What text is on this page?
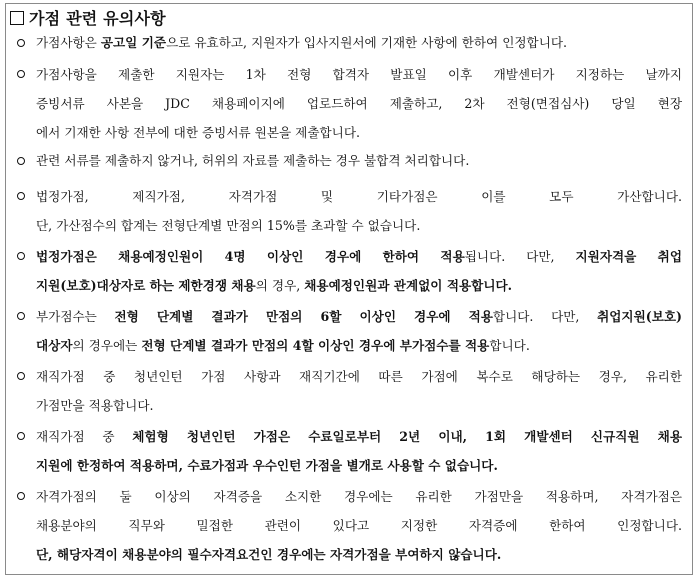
가점 관련 유의사항
가점사항은 공고일 기준으로 유효하고, 지원자가 입사지원서에 기재한 사항에 한하여 인정합니다.
가점사항을 제출한 지원자는 1차 전형 합격자 발표일 이후 개발센터가 지정하는 날까지
증빙서류 사본을 JDC 채용페이지에 업로드하여 제출하고, 2차 전형(면접심사) 당일 현장
에서 기재한 사항 전부에 대한 증빙서류 원본을 제출합니다.
관련 서류를 제출하지 않거나, 허위의 자료를 제출하는 경우 불합격 처리합니다.
법정가점, 제직가점, 자격가점 및 기타가점은 이를 모두 가산합니다.
단, 가산점수의 합계는 전형단계별 만점의 15%를 초과할 수 없습니다.
법정가점은 채용예정인원이 4명 이상인 경우에 한하여 적용됩니다. 다만, 지원자격을 취업
지원(보호)대상자로 하는 제한경쟁 채용의 경우, 채용예정인원과 관계없이 적용합니다.
부가점수는 전형 단계별 결과가 만점의 6할 이상인 경우에 적용합니다. 다만, 취업지원(보호)
대상자의 경우에는 전형 단계별 결과가 만점의 4할 이상인 경우에 부가점수를 적용합니다.
재직가점 중 청년인턴 가점 사항과 재직기간에 따른 가점에 복수로 해당하는 경우, 유리한
가점만을 적용합니다.
재직가점 중 체험형 청년인턴 가점은 수료일로부터 2년 이내, 1회 개발센터 신규직원 채용
지원에 한정하여 적용하며, 수료가점과 우수인턴 가점을 별개로 사용할 수 없습니다.
자격가점의 둘 이상의 자격증을 소지한 경우에는 유리한 가점만을 적용하며, 자격가점은
채용분야의 직무와 밀접한 관련이 있다고 지정한 자격증에 한하여 인정합니다.
단, 해당자격이 채용분야의 필수자격요건인 경우에는 자격가점을 부여하지 않습니다.
